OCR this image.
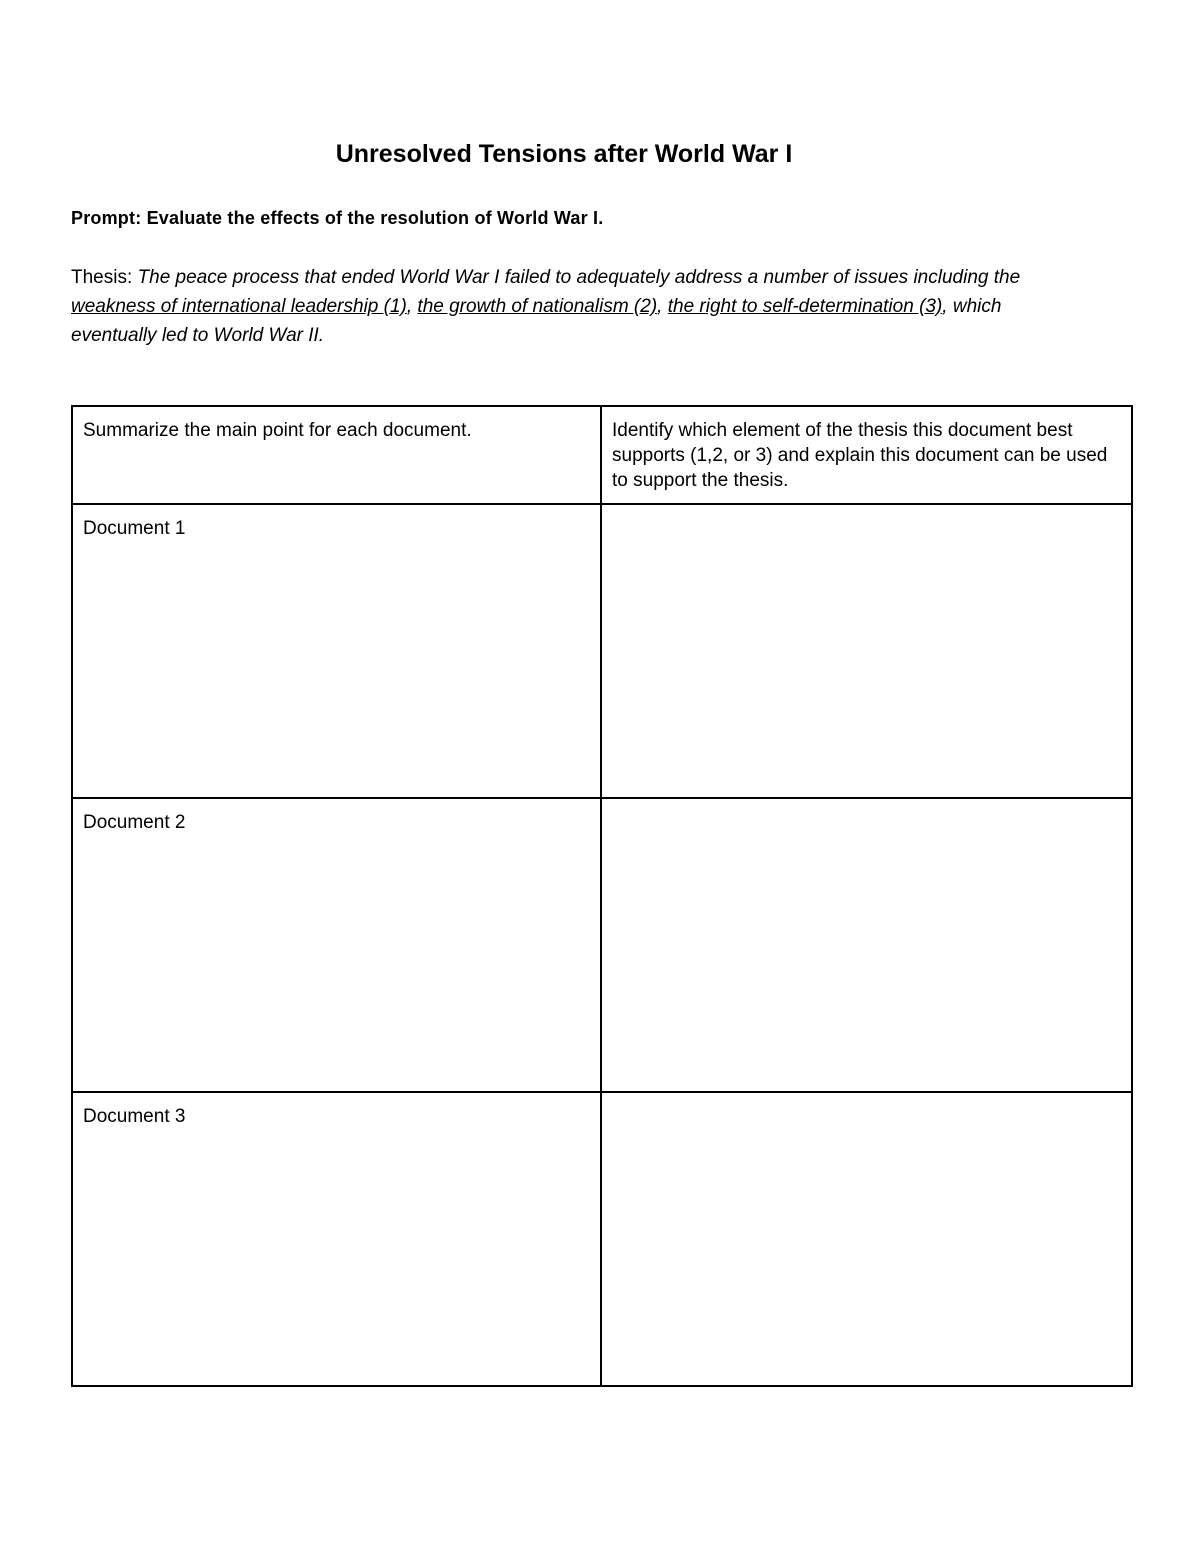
Unresolved Tensions after World War I

Prompt: Evaluate the effects of the resolution of World War I.

Thesis: The peace process that ended World War I failed to adequately address a number of issues including the weakness of international leadership (1), the growth of nationalism (2), the right to self-determination (3), which eventually led to World War II.

Summarize the main point for each document.	Identify which element of the thesis this document best supports (1,2, or 3) and explain this document can be used to support the thesis.
Document 1	
Document 2	
Document 3	
